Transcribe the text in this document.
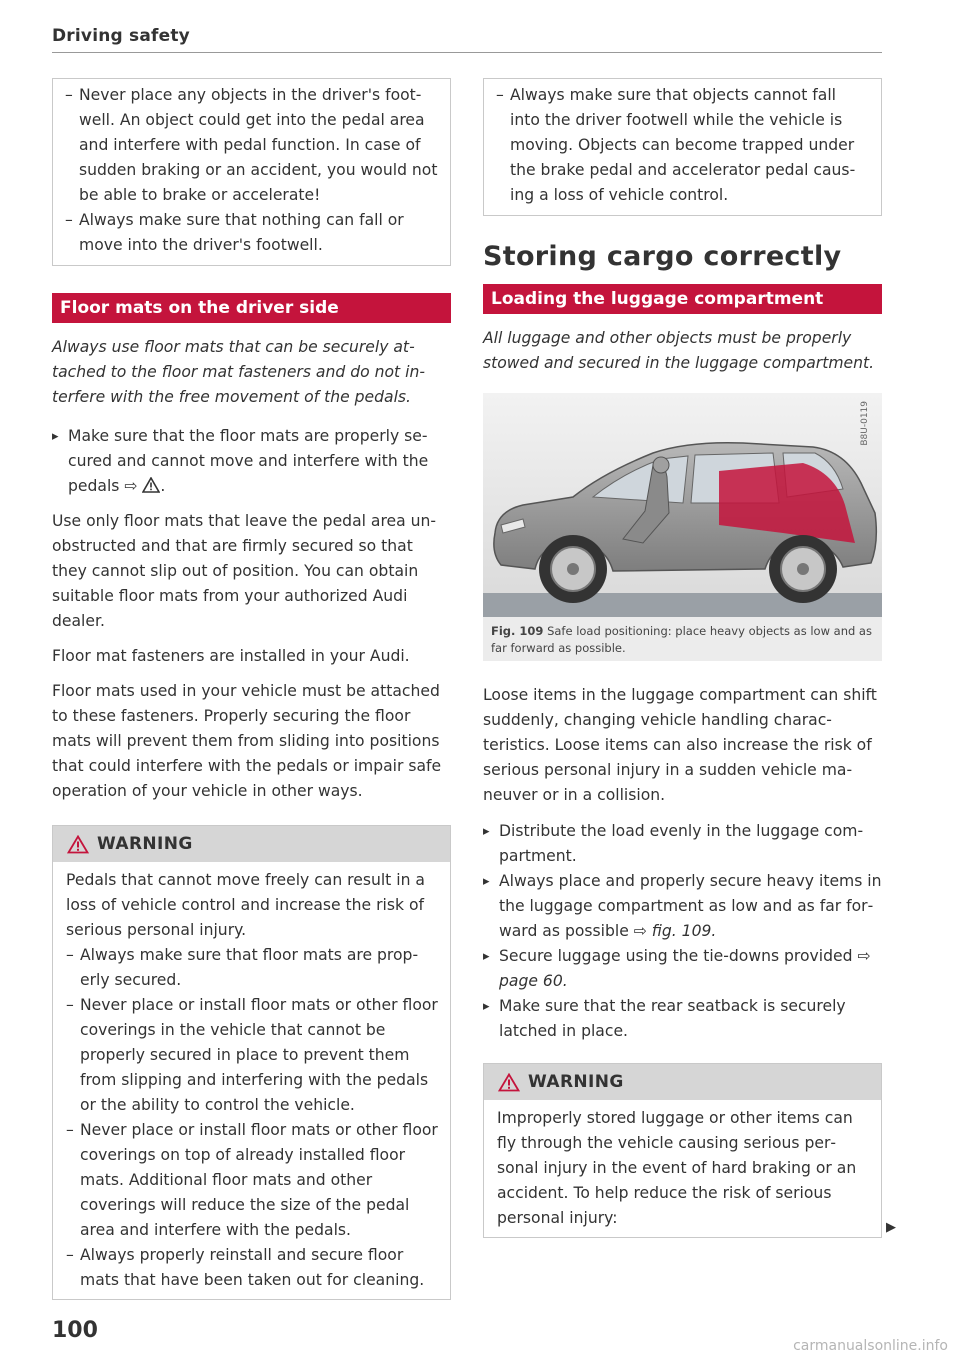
Driving safety
– Never place any objects in the driver's footwell. An object could get into the pedal area and interfere with pedal function. In case of sudden braking or an accident, you would not be able to brake or accelerate!
– Always make sure that nothing can fall or move into the driver's footwell.
Floor mats on the driver side

Always use floor mats that can be securely attached to the floor mat fasteners and do not interfere with the free movement of the pedals.

▸ Make sure that the floor mats are properly secured and cannot move and interfere with the pedals ⇨ .

Use only floor mats that leave the pedal area unobstructed and that are firmly secured so that they cannot slip out of position. You can obtain suitable floor mats from your authorized Audi dealer.

Floor mat fasteners are installed in your Audi.

Floor mats used in your vehicle must be attached to these fasteners. Properly securing the floor mats will prevent them from sliding into positions that could interfere with the pedals or impair safe operation of your vehicle in other ways.

WARNING

Pedals that cannot move freely can result in a loss of vehicle control and increase the risk of serious personal injury.

– Always make sure that floor mats are properly secured.
– Never place or install floor mats or other floor coverings in the vehicle that cannot be properly secured in place to prevent them from slipping and interfering with the pedals or the ability to control the vehicle.
– Never place or install floor mats or other floor coverings on top of already installed floor mats. Additional floor mats and other coverings will reduce the size of the pedal area and interfere with the pedals.
– Always properly reinstall and secure floor mats that have been taken out for cleaning.
– Always make sure that objects cannot fall into the driver footwell while the vehicle is moving. Objects can become trapped under the brake pedal and accelerator pedal causing a loss of vehicle control.
Storing cargo correctly
Loading the luggage compartment

All luggage and other objects must be properly stowed and secured in the luggage compartment.

B8U-0119
Fig. 109 Safe load positioning: place heavy objects as low and as far forward as possible.

Loose items in the luggage compartment can shift suddenly, changing vehicle handling characteristics. Loose items can also increase the risk of serious personal injury in a sudden vehicle maneuver or in a collision.

▸ Distribute the load evenly in the luggage compartment.
▸ Always place and properly secure heavy items in the luggage compartment as low and as far forward as possible ⇨ fig. 109.
▸ Secure luggage using the tie-downs provided ⇨ page 60.
▸ Make sure that the rear seatback is securely latched in place.
WARNING

Improperly stored luggage or other items can fly through the vehicle causing serious personal injury in the event of hard braking or an accident. To help reduce the risk of serious personal injury:

▶
100
carmanualsonline.info
